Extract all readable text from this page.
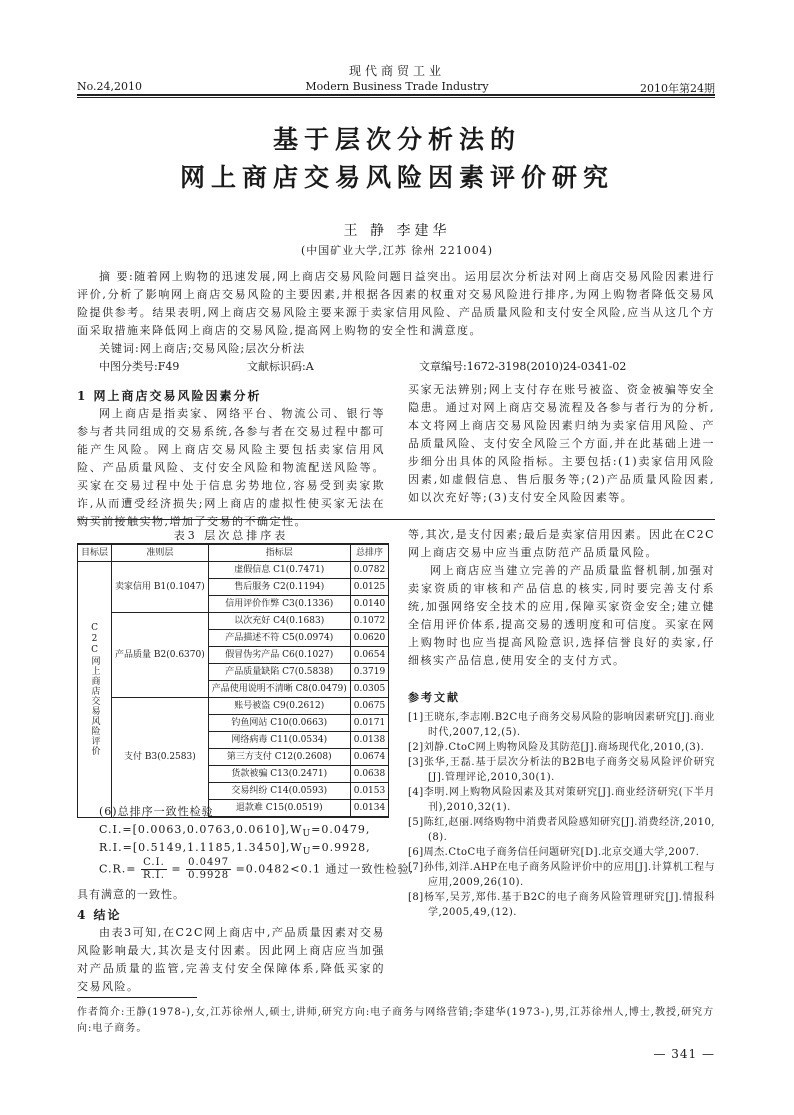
现代商贸工业
No.24,2010	Modern Business Trade Industry	2010年第24期
基于层次分析法的
网上商店交易风险因素评价研究
王 静 李建华
(中国矿业大学,江苏 徐州 221004)
摘 要:随着网上购物的迅速发展,网上商店交易风险问题日益突出。运用层次分析法对网上商店交易风险因素进行评价,分析了影响网上商店交易风险的主要因素,并根据各因素的权重对交易风险进行排序,为网上购物者降低交易风险提供参考。结果表明,网上商店交易风险主要来源于卖家信用风险、产品质量风险和支付安全风险,应当从这几个方面采取措施来降低网上商店的交易风险,提高网上购物的安全性和满意度。
关键词:网上商店;交易风险;层次分析法
中图分类号:F49	文献标识码:A	文章编号:1672-3198(2010)24-0341-02
1 网上商店交易风险因素分析
网上商店是指卖家、网络平台、物流公司、银行等参与者共同组成的交易系统,各参与者在交易过程中都可能产生风险。网上商店交易风险主要包括卖家信用风险、产品质量风险、支付安全风险和物流配送风险等。买家在交易过程中处于信息劣势地位,容易受到卖家欺诈,从而遭受经济损失;网上商店的虚拟性使买家无法在购买前接触实物,增加了交易的不确定性。
买家无法辨别;网上支付存在账号被盗、资金被骗等安全隐患。通过对网上商店交易流程及各参与者行为的分析,本文将网上商店交易风险因素归纳为卖家信用风险、产品质量风险、支付安全风险三个方面,并在此基础上进一步细分出具体的风险指标。主要包括:(1)卖家信用风险因素,如虚假信息、售后服务等;(2)产品质量风险因素,如以次充好等;(3)支付安全风险因素等。
表3 层次总排序表
目标层	准则层	指标层	总排序
C2C网上商店交易风险评价	卖家信用 B1(0.1047)	虚假信息 C1(0.7471)	0.0782
		售后服务 C2(0.1194)	0.0125
		信用评价作弊 C3(0.1336)	0.0140
	产品质量 B2(0.6370)	以次充好 C4(0.1683)	0.1072
		产品描述不符 C5(0.0974)	0.0620
		假冒伪劣产品 C6(0.1027)	0.0654
		产品质量缺陷 C7(0.5838)	0.3719
		产品使用说明不清晰 C8(0.0479)	0.0305
	支付 B3(0.2583)	账号被盗 C9(0.2612)	0.0675
		钓鱼网站 C10(0.0663)	0.0171
		网络病毒 C11(0.0534)	0.0138
		第三方支付 C12(0.2608)	0.0674
		货款被骗 C13(0.2471)	0.0638
		交易纠纷 C14(0.0593)	0.0153
		退款难 C15(0.0519)	0.0134
(6)总排序一致性检验
$C.I.=[0.0063,0.0763,0.0610],W_U=0.0479$,
$R.I.=[0.5149,1.1185,1.3450],W_U=0.9928$,
$C.R.= \frac{C.I.}{R.I.} = \frac{0.0497}{0.9928} =0.0482<0.1$ 通过一致性检验,
具有满意的一致性。
4 结论
由表3可知,在C2C网上商店中,产品质量因素对交易风险影响最大,其次是支付因素。因此网上商店应当加强对产品质量的监管,完善支付安全保障体系,降低买家的交易风险。
等,其次,是支付因素;最后是卖家信用因素。因此在C2C网上商店交易中应当重点防范产品质量风险。
网上商店应当建立完善的产品质量监督机制,加强对卖家资质的审核和产品信息的核实,同时要完善支付系统,加强网络安全技术的应用,保障买家资金安全;建立健全信用评价体系,提高交易的透明度和可信度。买家在网上购物时也应当提高风险意识,选择信誉良好的卖家,仔细核实产品信息,使用安全的支付方式。
参考文献
[1]王晓东,李志刚.B2C电子商务交易风险的影响因素研究[J].商业时代,2007,12,(5).
[2]刘静.CtoC网上购物风险及其防范[J].商场现代化,2010,(3).
[3]张华,王磊.基于层次分析法的B2B电子商务交易风险评价研究[J].管理评论,2010,30(1).
[4]李明.网上购物风险因素及其对策研究[J].商业经济研究(下半月刊),2010,32(1).
[5]陈红,赵丽.网络购物中消费者风险感知研究[J].消费经济,2010,(8).
[6]周杰.CtoC电子商务信任问题研究[D].北京交通大学,2007.
[7]孙伟,刘洋.AHP在电子商务风险评价中的应用[J].计算机工程与应用,2009,26(10).
[8]杨军,吴芳,郑伟.基于B2C的电子商务风险管理研究[J].情报科学,2005,49,(12).
作者简介:王静(1978-),女,江苏徐州人,硕士,讲师,研究方向:电子商务与网络营销;李建华(1973-),男,江苏徐州人,博士,教授,研究方向:电子商务。
— 341 —
